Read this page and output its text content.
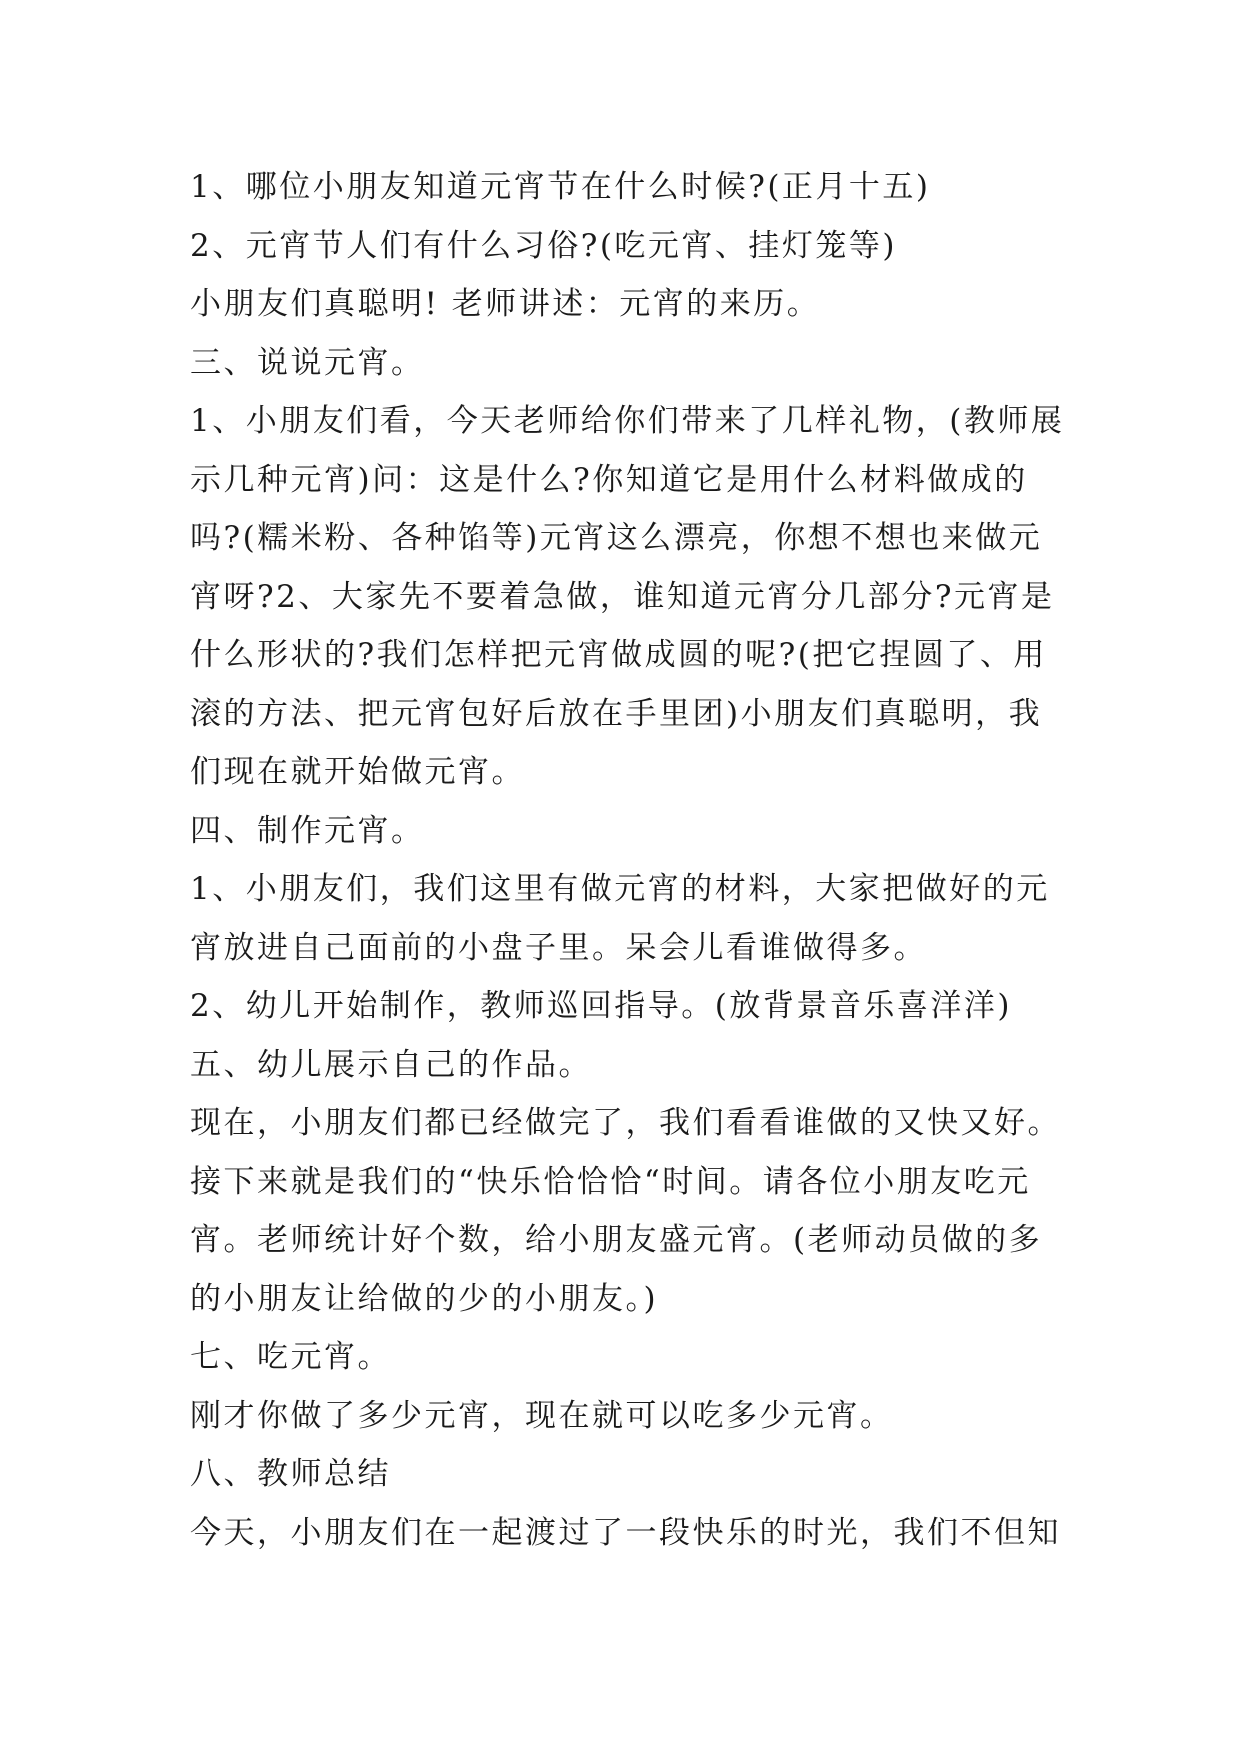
1、哪位小朋友知道元宵节在什么时候?(正月十五)

2、元宵节人们有什么习俗?(吃元宵、挂灯笼等)

小朋友们真聪明! 老师讲述：元宵的来历。

三、说说元宵。

1、小朋友们看，今天老师给你们带来了几样礼物，(教师展

示几种元宵)问：这是什么?你知道它是用什么材料做成的

吗?(糯米粉、各种馅等)元宵这么漂亮，你想不想也来做元

宵呀?2、大家先不要着急做，谁知道元宵分几部分?元宵是

什么形状的?我们怎样把元宵做成圆的呢?(把它捏圆了、用

滚的方法、把元宵包好后放在手里团)小朋友们真聪明，我

们现在就开始做元宵。

四、制作元宵。

1、小朋友们，我们这里有做元宵的材料，大家把做好的元

宵放进自己面前的小盘子里。呆会儿看谁做得多。

2、幼儿开始制作，教师巡回指导。(放背景音乐喜洋洋)

五、幼儿展示自己的作品。

现在，小朋友们都已经做完了，我们看看谁做的又快又好。

接下来就是我们的“快乐恰恰恰“时间。请各位小朋友吃元

宵。老师统计好个数，给小朋友盛元宵。(老师动员做的多

的小朋友让给做的少的小朋友。)

七、吃元宵。

刚才你做了多少元宵，现在就可以吃多少元宵。

八、教师总结

今天，小朋友们在一起渡过了一段快乐的时光，我们不但知
